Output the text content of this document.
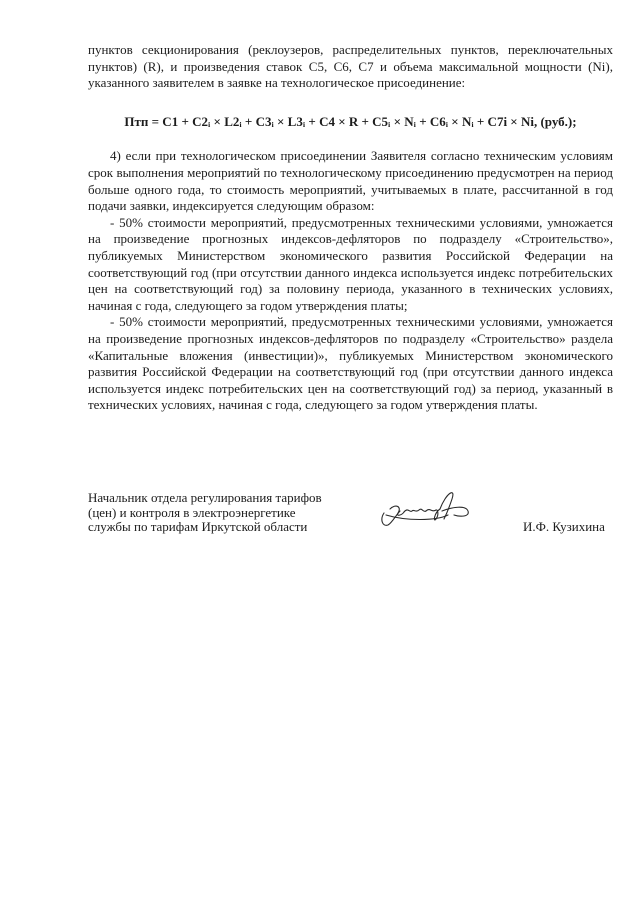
пунктов секционирования (реклоузеров, распределительных пунктов, переключательных пунктов) (R), и произведения ставок С5, С6, С7 и объема максимальной мощности (Ni), указанного заявителем в заявке на технологическое присоединение:

Птп = С1 + С2ᵢ × L2ᵢ + С3ᵢ × L3ᵢ + С4 × R + С5ᵢ × Nᵢ + С6ᵢ × Nᵢ + С7i × Ni, (руб.);

4) если при технологическом присоединении Заявителя согласно техническим условиям срок выполнения мероприятий по технологическому присоединению предусмотрен на период больше одного года, то стоимость мероприятий, учитываемых в плате, рассчитанной в год подачи заявки, индексируется следующим образом:

- 50% стоимости мероприятий, предусмотренных техническими условиями, умножается на произведение прогнозных индексов-дефляторов по подразделу «Строительство», публикуемых Министерством экономического развития Российской Федерации на соответствующий год (при отсутствии данного индекса используется индекс потребительских цен на соответствующий год) за половину периода, указанного в технических условиях, начиная с года, следующего за годом утверждения платы;

- 50% стоимости мероприятий, предусмотренных техническими условиями, умножается на произведение прогнозных индексов-дефляторов по подразделу «Строительство» раздела «Капитальные вложения (инвестиции)», публикуемых Министерством экономического развития Российской Федерации на соответствующий год (при отсутствии данного индекса используется индекс потребительских цен на соответствующий год) за период, указанный в технических условиях, начиная с года, следующего за годом утверждения платы.

Начальник отдела регулирования тарифов
(цен) и контроля в электроэнергетике
службы по тарифам Иркутской области	И.Ф. Кузихина
